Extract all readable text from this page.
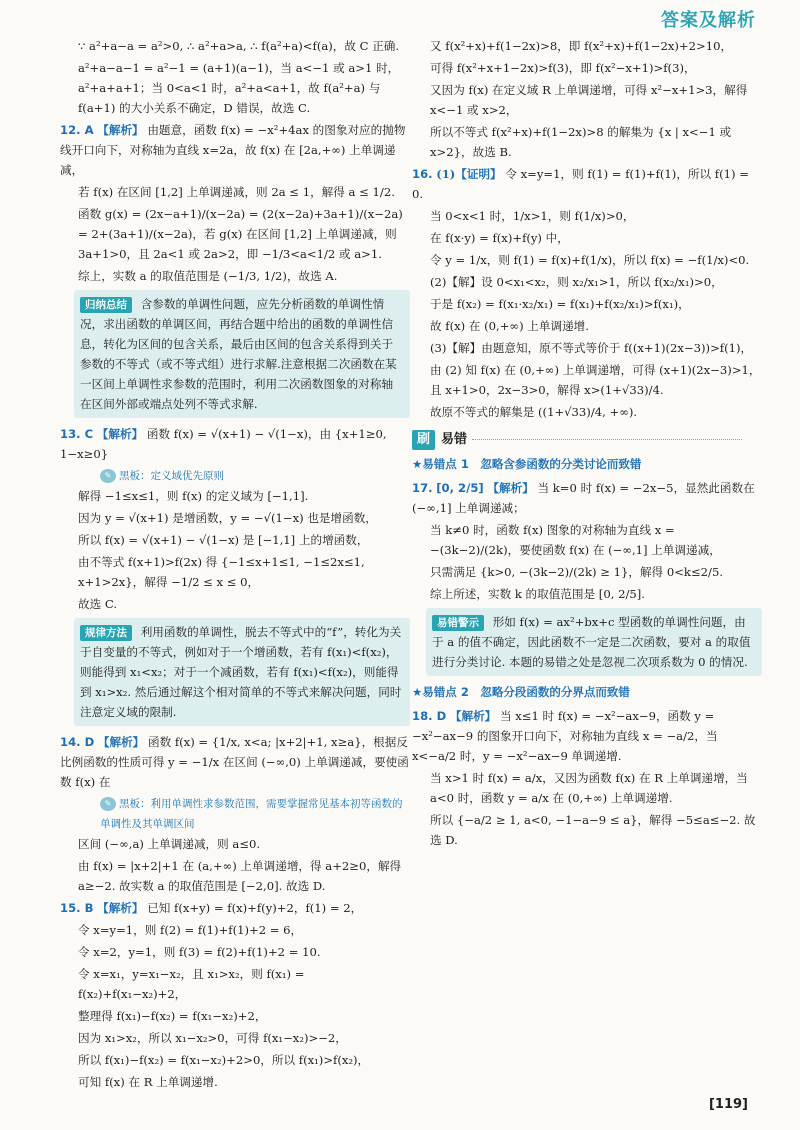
答案及解析

∵ a²+a−a = a²>0, ∴ a²+a>a, ∴ f(a²+a)<f(a)，故 C 正确.

a²+a−a−1 = a²−1 = (a+1)(a−1)，当 a<−1 或 a>1 时，a²+a+a+1；当 0<a<1 时，a²+a<a+1，故 f(a²+a) 与 f(a+1) 的大小关系不确定，D 错误，故选 C.

12. A 【解析】 由题意，函数 f(x) = −x²+4ax 的图象对应的抛物线开口向下，对称轴为直线 x=2a，故 f(x) 在 [2a,+∞) 上单调递减，

若 f(x) 在区间 [1,2] 上单调递减，则 2a ≤ 1，解得 a ≤ 1/2.

函数 g(x) = (2x−a+1)/(x−2a) = (2(x−2a)+3a+1)/(x−2a) = 2+(3a+1)/(x−2a)，若 g(x) 在区间 [1,2] 上单调递减，则 3a+1>0，且 2a<1 或 2a>2，即 −1/3<a<1/2 或 a>1.

综上，实数 a 的取值范围是 (−1/3, 1/2)，故选 A.

归纳总结 含参数的单调性问题，应先分析函数的单调性情况，求出函数的单调区间，再结合题中给出的函数的单调性信息，转化为区间的包含关系，最后由区间的包含关系得到关于参数的不等式（或不等式组）进行求解.注意根据二次函数在某一区间上单调性求参数的范围时，利用二次函数图象的对称轴在区间外部或端点处列不等式求解.

13. C 【解析】 函数 f(x) = √(x+1) − √(1−x)，由 {x+1≥0, 1−x≥0}

✎ 黑板：定义域优先原则

解得 −1≤x≤1，则 f(x) 的定义域为 [−1,1].

因为 y = √(x+1) 是增函数，y = −√(1−x) 也是增函数，

所以 f(x) = √(x+1) − √(1−x) 是 [−1,1] 上的增函数，

由不等式 f(x+1)>f(2x) 得 {−1≤x+1≤1, −1≤2x≤1, x+1>2x}，解得 −1/2 ≤ x ≤ 0，

故选 C.

规律方法 利用函数的单调性，脱去不等式中的“f”，转化为关于自变量的不等式，例如对于一个增函数，若有 f(x₁)<f(x₂)，则能得到 x₁<x₂；对于一个减函数，若有 f(x₁)<f(x₂)，则能得到 x₁>x₂. 然后通过解这个相对简单的不等式来解决问题，同时注意定义域的限制.

14. D 【解析】 函数 f(x) = {1/x, x<a; |x+2|+1, x≥a}，根据反比例函数的性质可得 y = −1/x 在区间 (−∞,0) 上单调递减，要使函数 f(x) 在

✎ 黑板：利用单调性求参数范围，需要掌握常见基本初等函数的单调性及其单调区间

区间 (−∞,a) 上单调递减，则 a≤0.

由 f(x) = |x+2|+1 在 (a,+∞) 上单调递增，得 a+2≥0，解得 a≥−2. 故实数 a 的取值范围是 [−2,0]. 故选 D.

15. B 【解析】 已知 f(x+y) = f(x)+f(y)+2，f(1) = 2，

令 x=y=1，则 f(2) = f(1)+f(1)+2 = 6，

令 x=2，y=1，则 f(3) = f(2)+f(1)+2 = 10.

令 x=x₁，y=x₁−x₂，且 x₁>x₂，则 f(x₁) = f(x₂)+f(x₁−x₂)+2，

整理得 f(x₁)−f(x₂) = f(x₁−x₂)+2，

因为 x₁>x₂，所以 x₁−x₂>0，可得 f(x₁−x₂)>−2，

所以 f(x₁)−f(x₂) = f(x₁−x₂)+2>0，所以 f(x₁)>f(x₂)，

可知 f(x) 在 R 上单调递增.

又 f(x²+x)+f(1−2x)>8，即 f(x²+x)+f(1−2x)+2>10，

可得 f(x²+x+1−2x)>f(3)，即 f(x²−x+1)>f(3)，

又因为 f(x) 在定义域 R 上单调递增，可得 x²−x+1>3，解得 x<−1 或 x>2，

所以不等式 f(x²+x)+f(1−2x)>8 的解集为 {x | x<−1 或 x>2}，故选 B.

16. (1)【证明】 令 x=y=1，则 f(1) = f(1)+f(1)，所以 f(1) = 0.

当 0<x<1 时，1/x>1，则 f(1/x)>0，

在 f(x·y) = f(x)+f(y) 中，

令 y = 1/x，则 f(1) = f(x)+f(1/x)，所以 f(x) = −f(1/x)<0.

(2)【解】设 0<x₁<x₂，则 x₂/x₁>1，所以 f(x₂/x₁)>0，

于是 f(x₂) = f(x₁·x₂/x₁) = f(x₁)+f(x₂/x₁)>f(x₁)，

故 f(x) 在 (0,+∞) 上单调递增.

(3)【解】由题意知，原不等式等价于 f((x+1)(2x−3))>f(1)，

由 (2) 知 f(x) 在 (0,+∞) 上单调递增，可得 (x+1)(2x−3)>1，且 x+1>0，2x−3>0，解得 x>(1+√33)/4.

故原不等式的解集是 ((1+√33)/4, +∞).

刷 易错
★易错点 1　忽略含参函数的分类讨论而致错

17. [0, 2/5] 【解析】 当 k=0 时 f(x) = −2x−5，显然此函数在 (−∞,1] 上单调递减；

当 k≠0 时，函数 f(x) 图象的对称轴为直线 x = −(3k−2)/(2k)，要使函数 f(x) 在 (−∞,1] 上单调递减，

只需满足 {k>0, −(3k−2)/(2k) ≥ 1}，解得 0<k≤2/5.

综上所述，实数 k 的取值范围是 [0, 2/5].

易错警示 形如 f(x) = ax²+bx+c 型函数的单调性问题，由于 a 的值不确定，因此函数不一定是二次函数，要对 a 的取值进行分类讨论. 本题的易错之处是忽视二次项系数为 0 的情况.
★易错点 2　忽略分段函数的分界点而致错

18. D 【解析】 当 x≤1 时 f(x) = −x²−ax−9，函数 y = −x²−ax−9 的图象开口向下，对称轴为直线 x = −a/2，当 x<−a/2 时，y = −x²−ax−9 单调递增.

当 x>1 时 f(x) = a/x，又因为函数 f(x) 在 R 上单调递增，当 a<0 时，函数 y = a/x 在 (0,+∞) 上单调递增.

所以 {−a/2 ≥ 1, a<0, −1−a−9 ≤ a}，解得 −5≤a≤−2. 故选 D.

[119]
